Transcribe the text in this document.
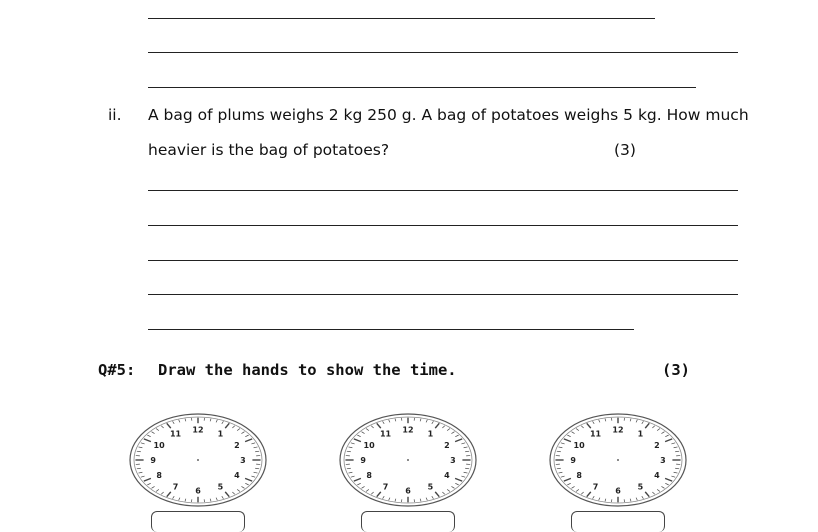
ii. A bag of plums weighs 2 kg 250 g. A bag of potatoes weighs 5 kg. How much
heavier is the bag of potatoes?	(3)
Q#5: Draw the hands to show the time.	(3)
12 1
2
3
4
5
6
7
8
9
10
11	12 1
2
3
4
5
6
7
8
9
10
11	12 1
2
3
4
5
6
7
8
9
10
11
